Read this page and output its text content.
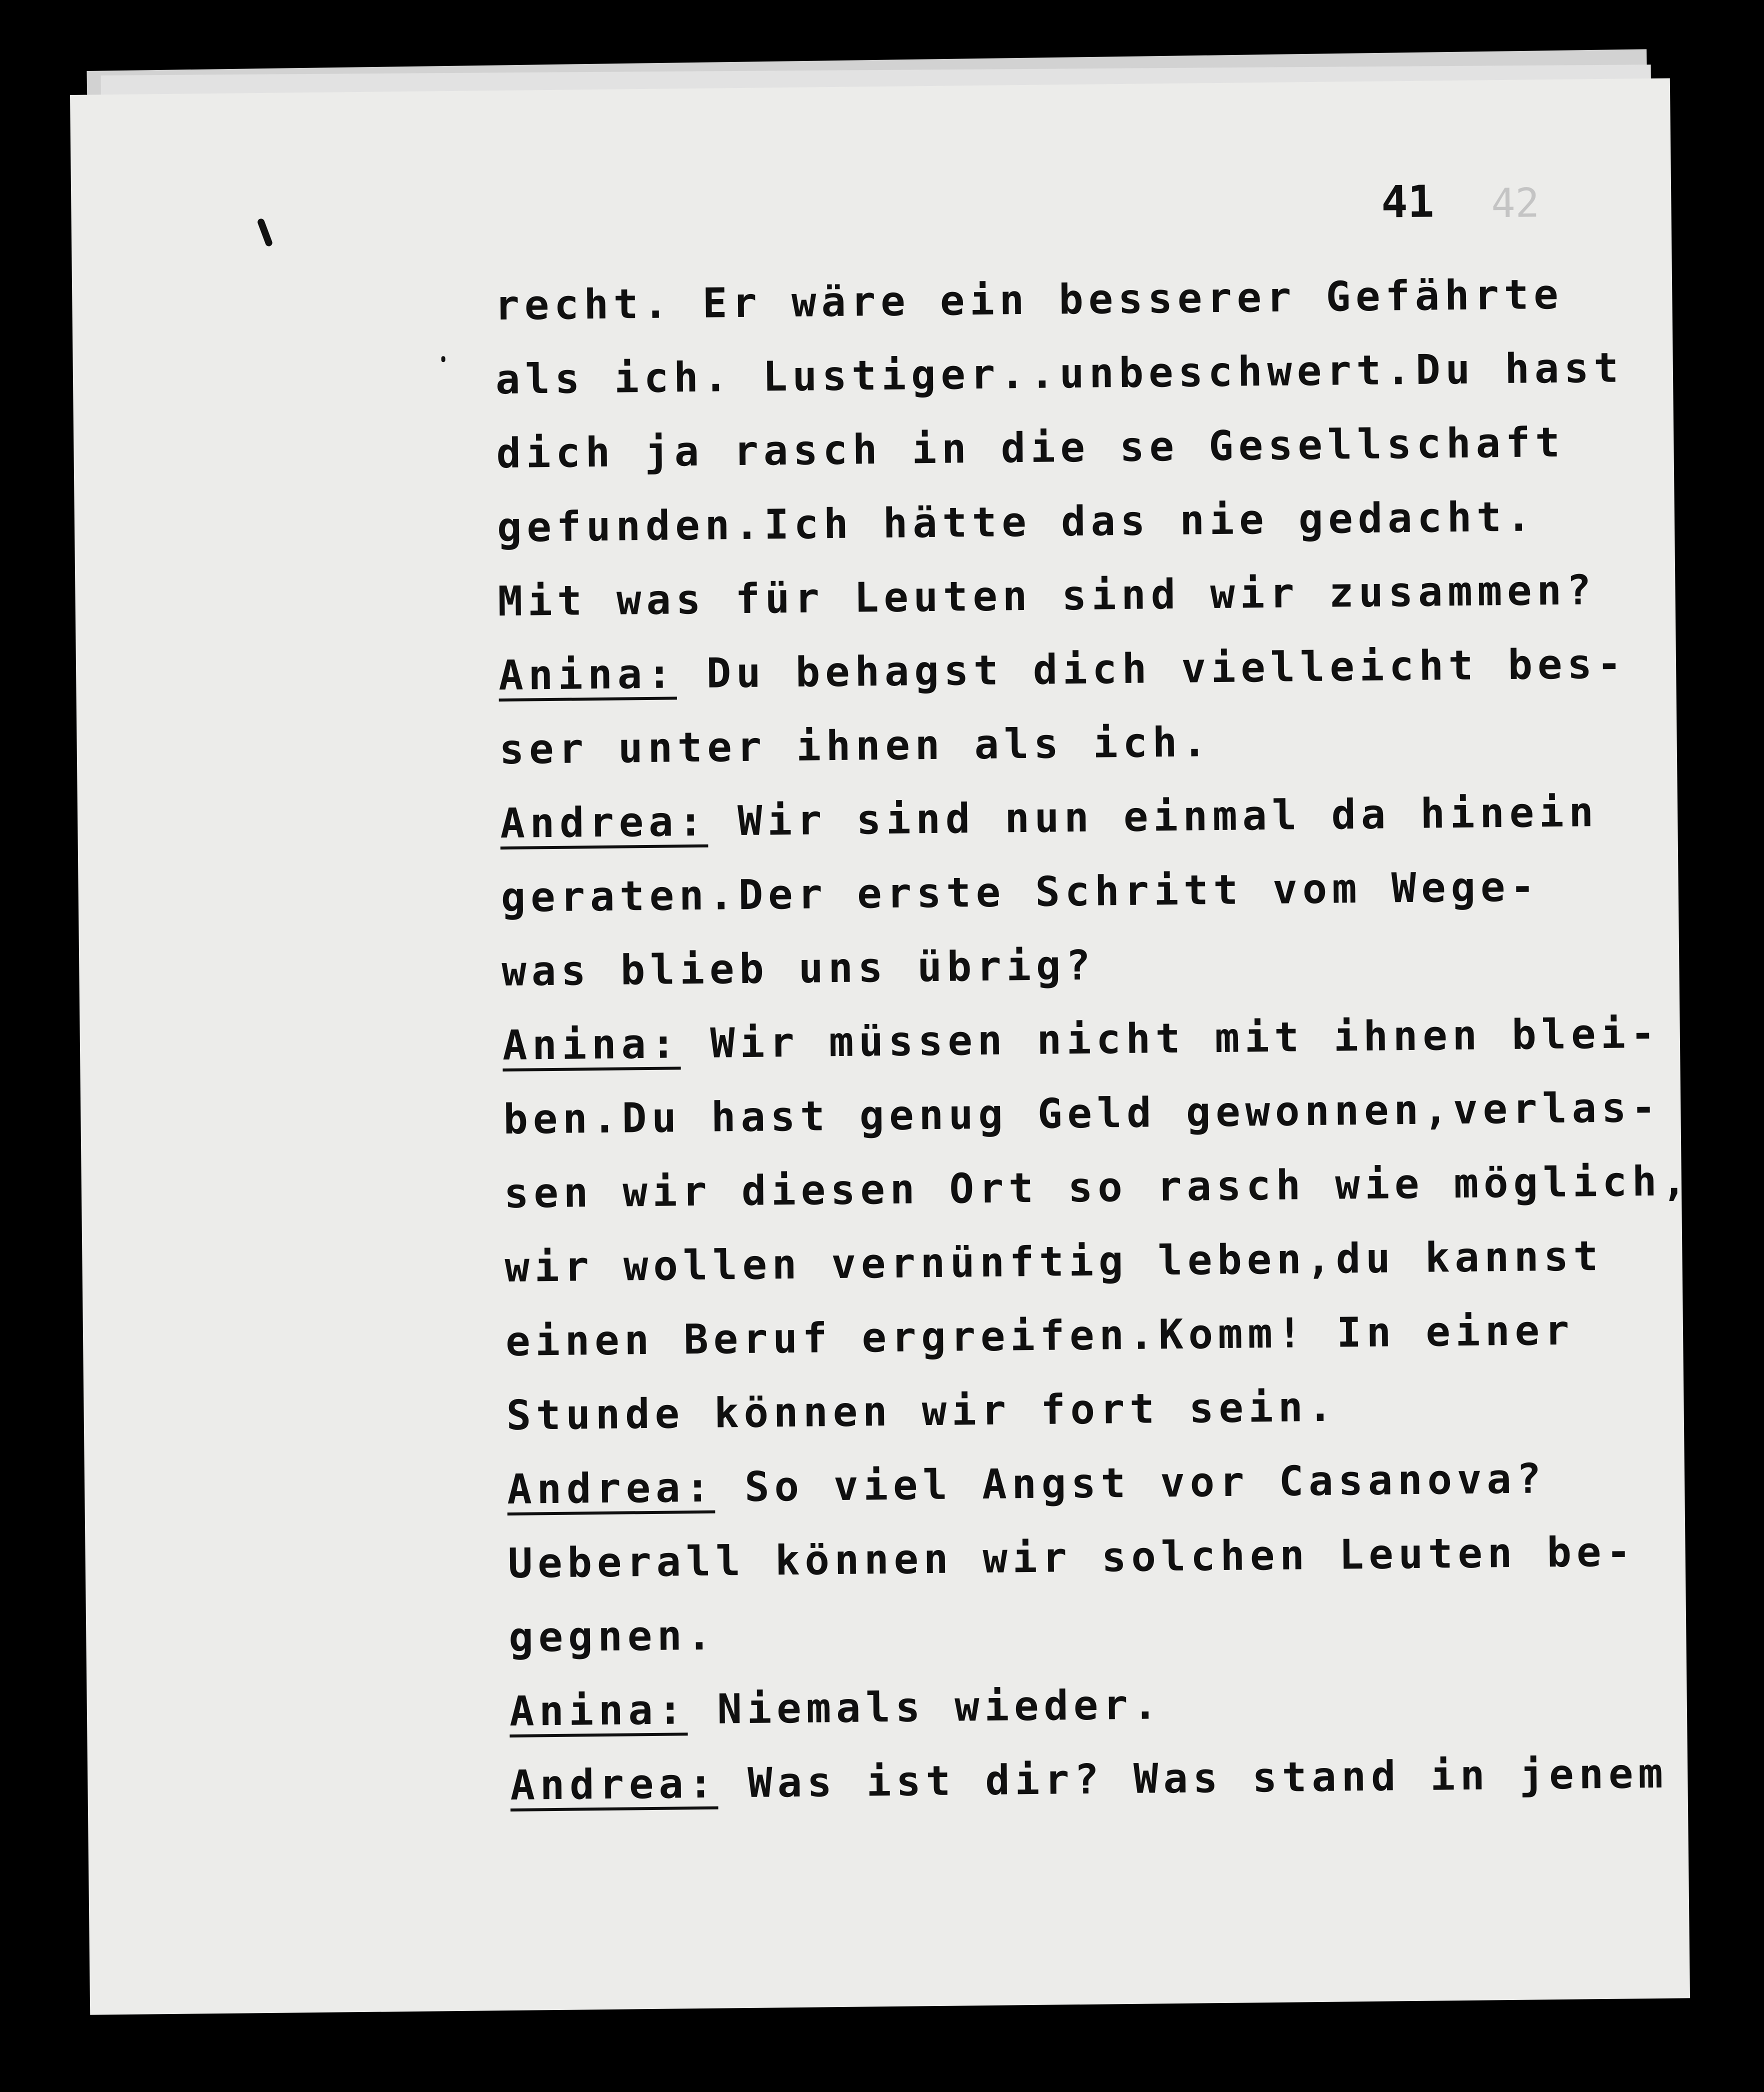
42
41
recht. Er wäre ein besserer Gefährte
als ich. Lustiger..unbeschwert.Du hast
dich ja rasch in die se Gesellschaft
gefunden.Ich hätte das nie gedacht.
Mit was für Leuten sind wir zusammen?
Anina: Du behagst dich vielleicht bes-
ser unter ihnen als ich.
Andrea: Wir sind nun einmal da hinein
geraten.Der erste Schritt vom Wege-
was blieb uns übrig?
Anina: Wir müssen nicht mit ihnen blei-
ben.Du hast genug Geld gewonnen,verlas-
sen wir diesen Ort so rasch wie möglich,
wir wollen vernünftig leben,du kannst
einen Beruf ergreifen.Komm! In einer
Stunde können wir fort sein.
Andrea: So viel Angst vor Casanova?
Ueberall können wir solchen Leuten be-
gegnen.
Anina: Niemals wieder.
Andrea: Was ist dir? Was stand in jenem
